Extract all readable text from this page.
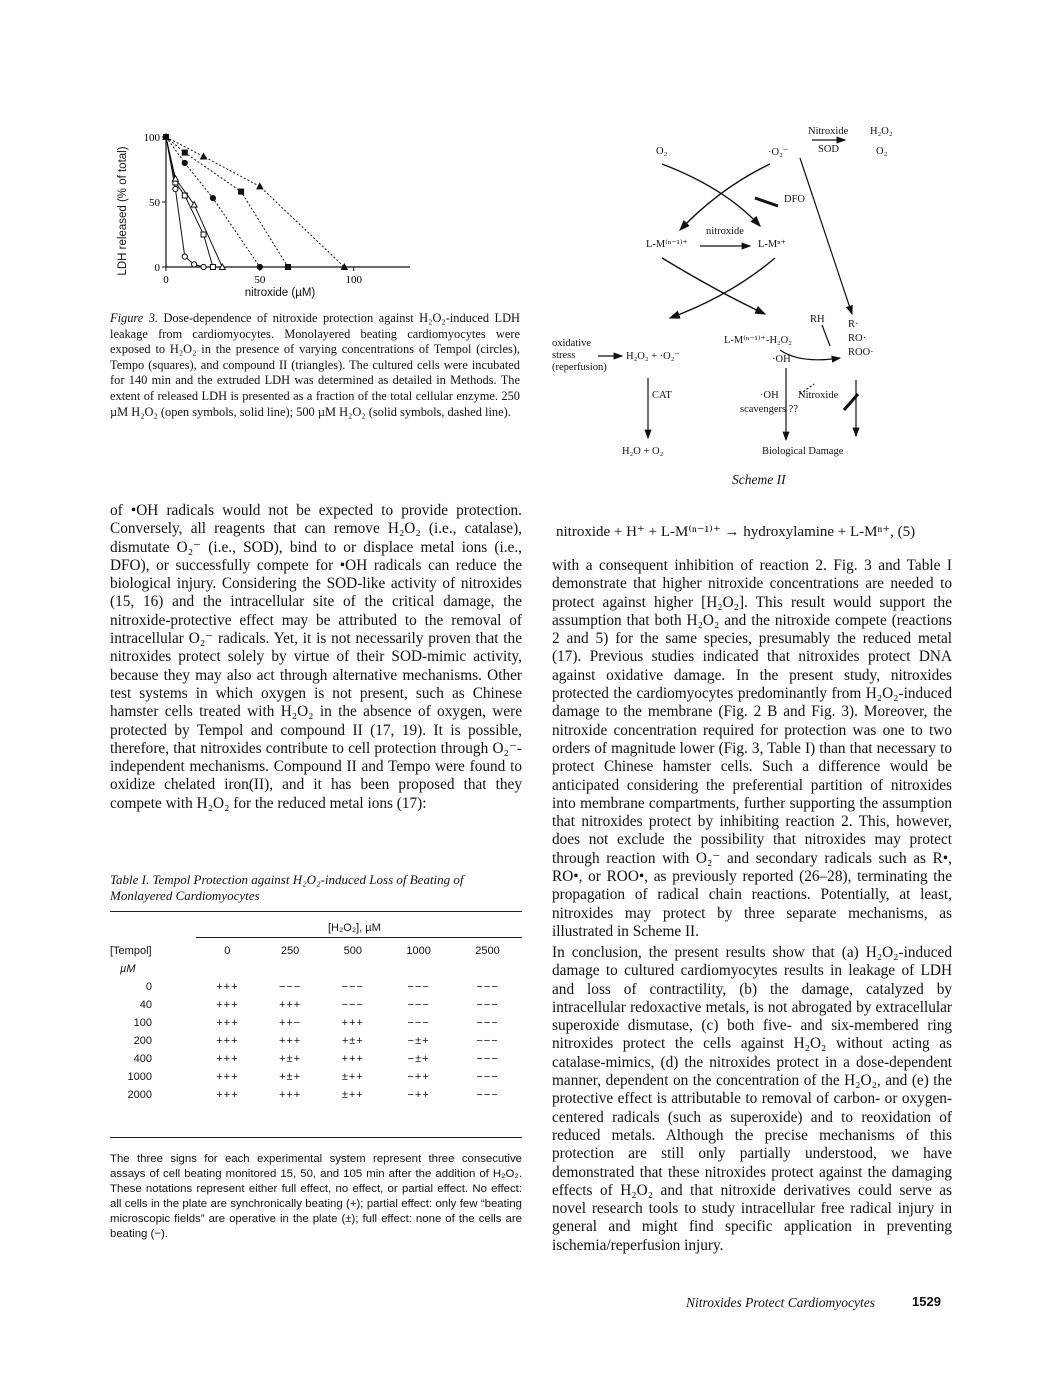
0
50
100
0	50	100
LDH released (% of total)
nitroxide (µM)
Figure 3. Dose-dependence of nitroxide protection against H₂O₂-induced LDH leakage from cardiomyocytes. Monolayered beating cardiomyocytes were exposed to H₂O₂ in the presence of varying concentrations of Tempol (circles), Tempo (squares), and compound II (triangles). The cultured cells were incubated for 140 min and the extruded LDH was determined as detailed in Methods. The extent of released LDH is presented as a fraction of the total cellular enzyme. 250 µM H₂O₂ (open symbols, solid line); 500 µM H₂O₂ (solid symbols, dashed line).
O₂	·O₂⁻
Nitroxide
SOD
H₂O₂
O₂
DFO
nitroxide
L-M⁽ⁿ⁻¹⁾⁺	L-Mⁿ⁺
oxidative stress (reperfusion)
H₂O₂ + ·O₂⁻
L-M⁽ⁿ⁻¹⁾⁺-H₂O₂
·OH
RH R· RO· ROO·
CAT	·OH
scavengers ??
Nitroxide
H₂O + O₂	Biological Damage
Scheme II
of •OH radicals would not be expected to provide protection. Conversely, all reagents that can remove H₂O₂ (i.e., catalase), dismutate O₂⁻ (i.e., SOD), bind to or displace metal ions (i.e., DFO), or successfully compete for •OH radicals can reduce the biological injury. Considering the SOD-like activity of nitroxides (15, 16) and the intracellular site of the critical damage, the nitroxide-protective effect may be attributed to the removal of intracellular O₂⁻ radicals. Yet, it is not necessarily proven that the nitroxides protect solely by virtue of their SOD-mimic activity, because they may also act through alternative mechanisms. Other test systems in which oxygen is not present, such as Chinese hamster cells treated with H₂O₂ in the absence of oxygen, were protected by Tempol and compound II (17, 19). It is possible, therefore, that nitroxides contribute to cell protection through O₂⁻-independent mechanisms. Compound II and Tempo were found to oxidize chelated iron(II), and it has been proposed that they compete with H₂O₂ for the reduced metal ions (17):
Table I. Tempol Protection against H₂O₂-induced Loss of Beating of Monlayered Cardiomyocytes
[H₂O₂], µM
[Tempol]	0	250	500	1000	2500
µM					
0	+++	−−−	−−−	−−−	−−−
40	+++	+++	−−−	−−−	−−−
100	+++	++−	+++	−−−	−−−
200	+++	+++	+±+	−±+	−−−
400	+++	+±+	+++	−±+	−−−
1000	+++	+±+	±++	−++	−−−
2000	+++	+++	±++	−++	−−−
The three signs for each experimental system represent three consecutive assays of cell beating monitored 15, 50, and 105 min after the addition of H₂O₂. These notations represent either full effect, no effect, or partial effect. No effect: all cells in the plate are synchronically beating (+); partial effect: only few “beating microscopic fields” are operative in the plate (±); full effect: none of the cells are beating (−).
nitroxide + H⁺ + L-M⁽ⁿ⁻¹⁾⁺ → hydroxylamine + L-Mⁿ⁺, (5)
with a consequent inhibition of reaction 2. Fig. 3 and Table I demonstrate that higher nitroxide concentrations are needed to protect against higher [H₂O₂]. This result would support the assumption that both H₂O₂ and the nitroxide compete (reactions 2 and 5) for the same species, presumably the reduced metal (17). Previous studies indicated that nitroxides protect DNA against oxidative damage. In the present study, nitroxides protected the cardiomyocytes predominantly from H₂O₂-induced damage to the membrane (Fig. 2 B and Fig. 3). Moreover, the nitroxide concentration required for protection was one to two orders of magnitude lower (Fig. 3, Table I) than that necessary to protect Chinese hamster cells. Such a difference would be anticipated considering the preferential partition of nitroxides into membrane compartments, further supporting the assumption that nitroxides protect by inhibiting reaction 2. This, however, does not exclude the possibility that nitroxides may protect through reaction with O₂⁻ and secondary radicals such as R•, RO•, or ROO•, as previously reported (26–28), terminating the propagation of radical chain reactions. Potentially, at least, nitroxides may protect by three separate mechanisms, as illustrated in Scheme II.
In conclusion, the present results show that (a) H₂O₂-induced damage to cultured cardiomyocytes results in leakage of LDH and loss of contractility, (b) the damage, catalyzed by intracellular redoxactive metals, is not abrogated by extracellular superoxide dismutase, (c) both five- and six-membered ring nitroxides protect the cells against H₂O₂ without acting as catalase-mimics, (d) the nitroxides protect in a dose-dependent manner, dependent on the concentration of the H₂O₂, and (e) the protective effect is attributable to removal of carbon- or oxygen-centered radicals (such as superoxide) and to reoxidation of reduced metals. Although the precise mechanisms of this protection are still only partially understood, we have demonstrated that these nitroxides protect against the damaging effects of H₂O₂ and that nitroxide derivatives could serve as novel research tools to study intracellular free radical injury in general and might find specific application in preventing ischemia/reperfusion injury.
Nitroxides Protect Cardiomyocytes	1529
